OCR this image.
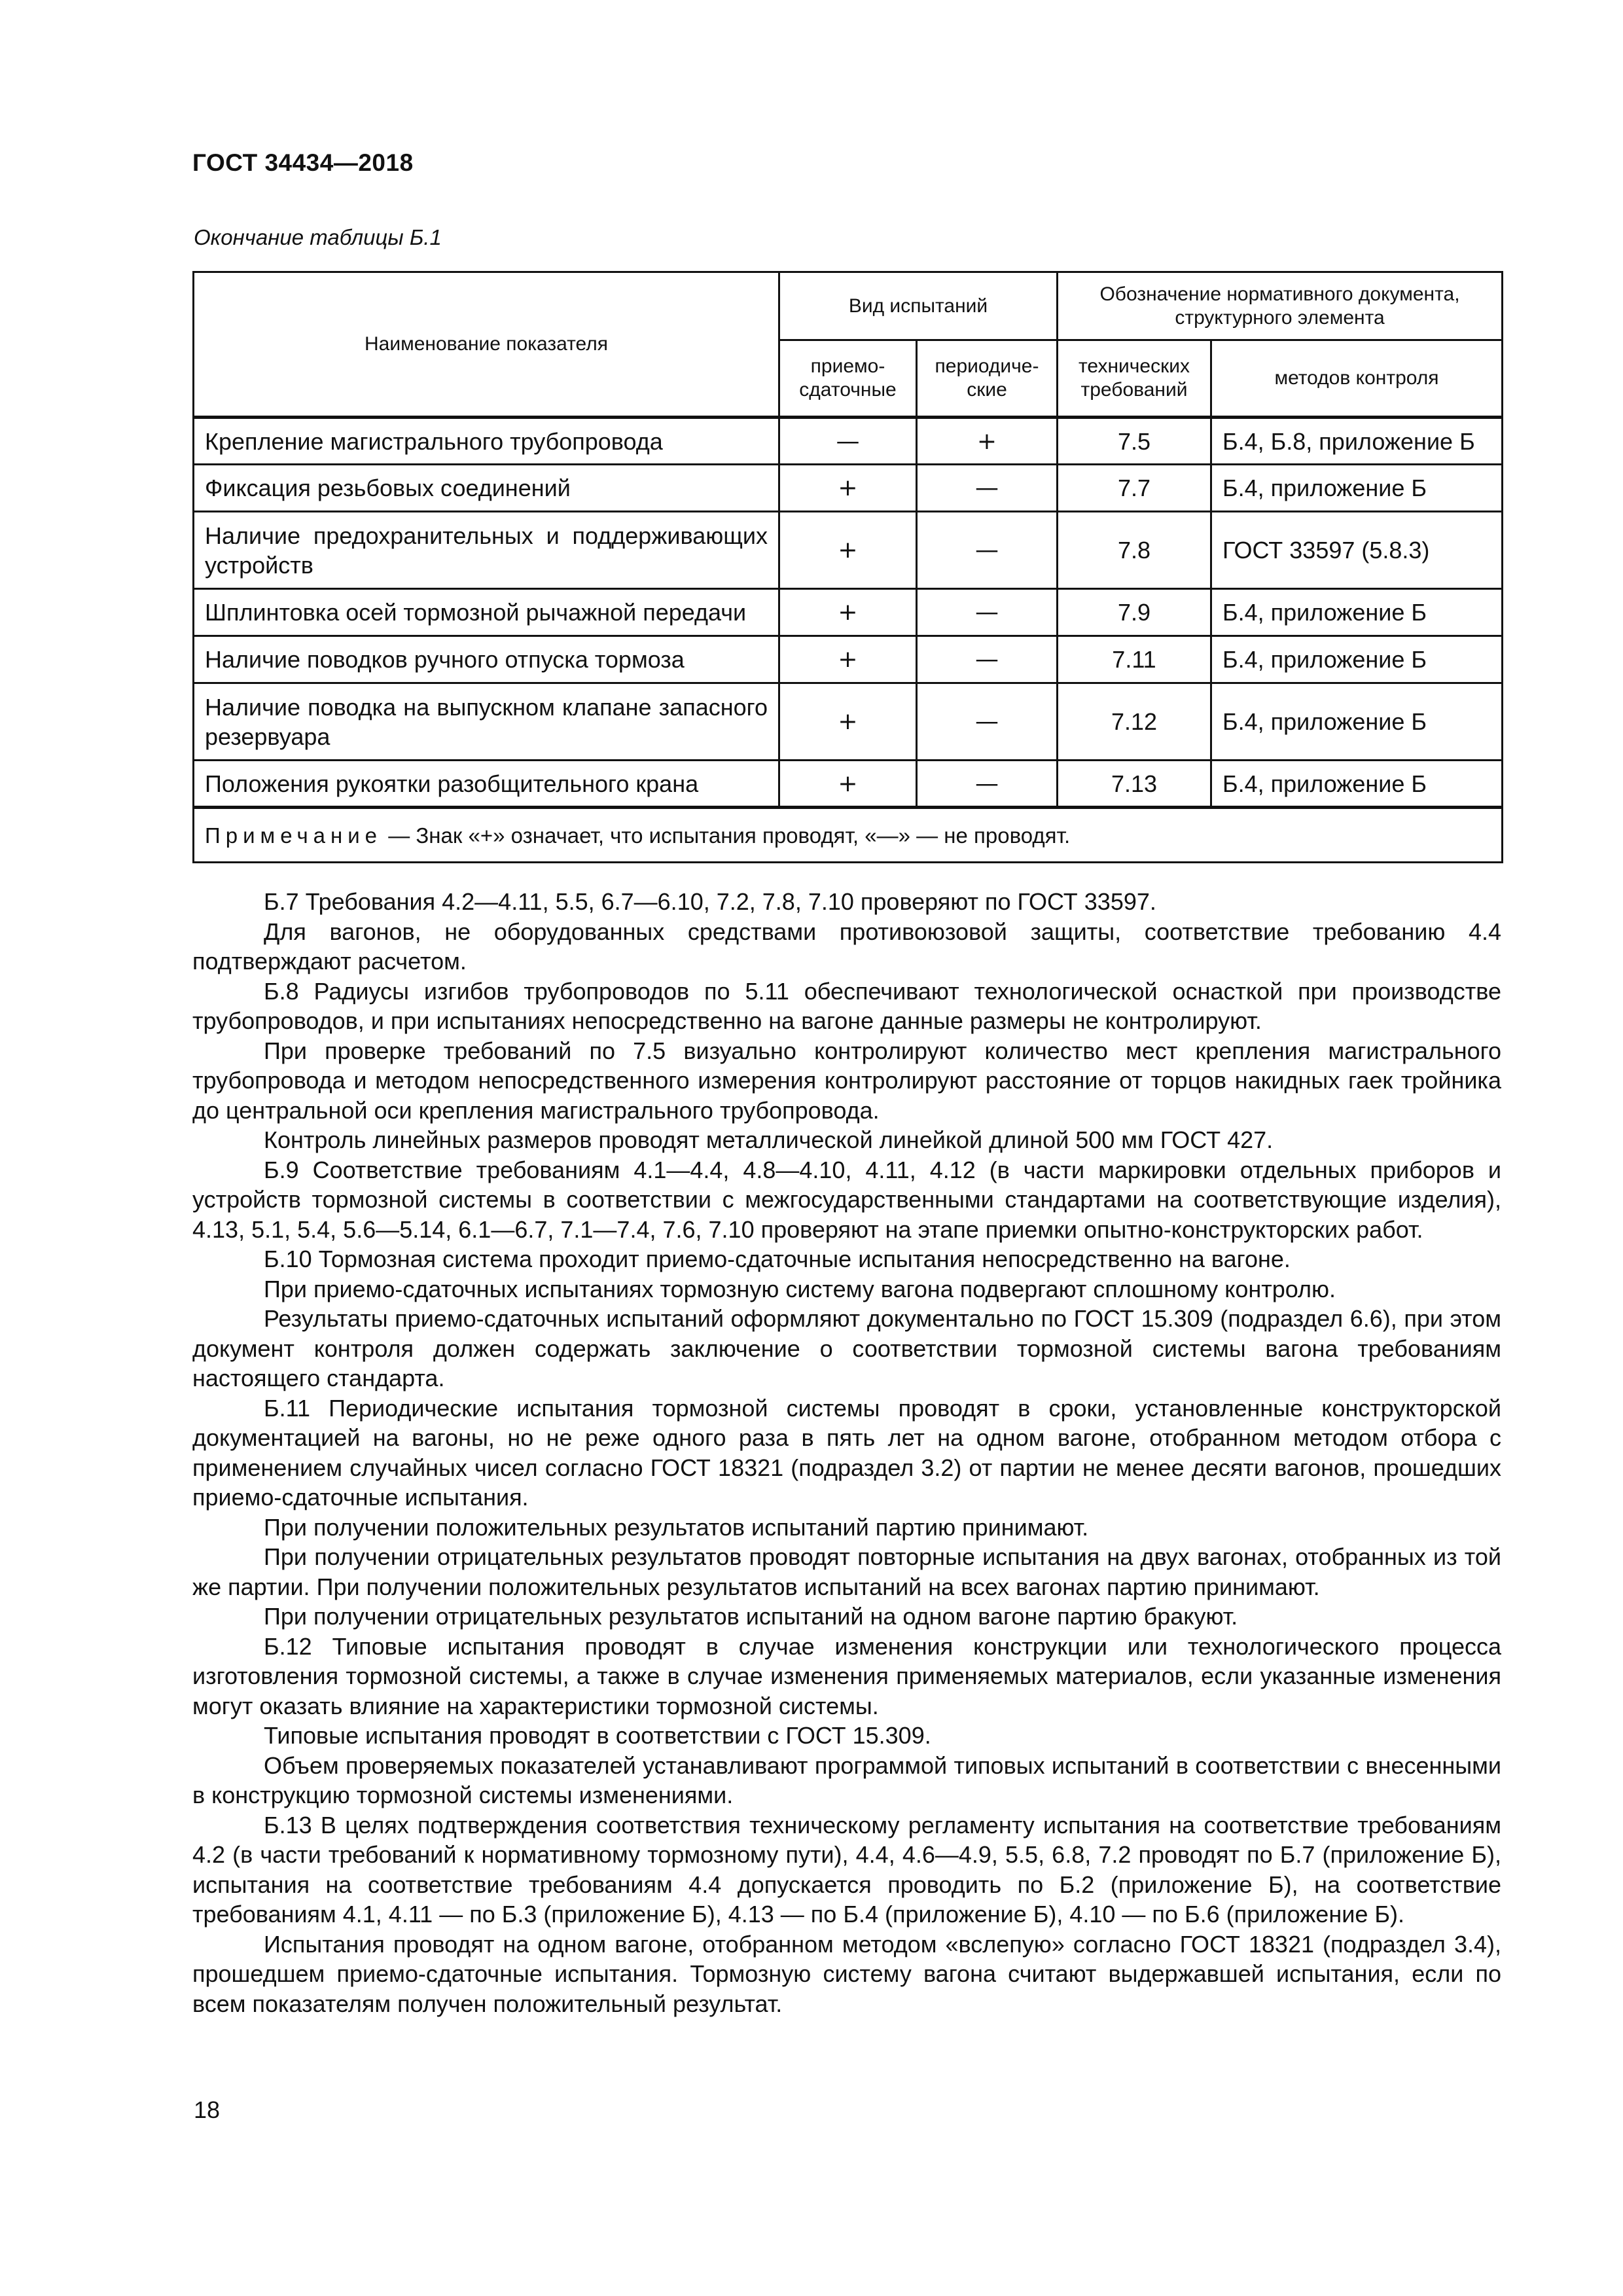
ГОСТ 34434—2018
Окончание таблицы Б.1
Наименование показателя	Вид испытаний		Обозначение нормативного документа, структурного элемента	
	приемо-сдаточные	периодиче-ские	технических требований	методов контроля
Крепление магистрального трубопровода	—	+	7.5	Б.4, Б.8, приложение Б
Фиксация резьбовых соединений	+	—	7.7	Б.4, приложение Б
Наличие предохранительных и поддерживающих устройств	+	—	7.8	ГОСТ 33597 (5.8.3)
Шплинтовка осей тормозной рычажной передачи	+	—	7.9	Б.4, приложение Б
Наличие поводков ручного отпуска тормоза	+	—	7.11	Б.4, приложение Б
Наличие поводка на выпускном клапане запасного резервуара	+	—	7.12	Б.4, приложение Б
Положения рукоятки разобщительного крана	+	—	7.13	Б.4, приложение Б
Примечание — Знак «+» означает, что испытания проводят, «—» — не проводят.				

Б.7 Требования 4.2—4.11, 5.5, 6.7—6.10, 7.2, 7.8, 7.10 проверяют по ГОСТ 33597.

Для вагонов, не оборудованных средствами противоюзовой защиты, соответствие требованию 4.4 подтверждают расчетом.

Б.8 Радиусы изгибов трубопроводов по 5.11 обеспечивают технологической оснасткой при производстве трубопроводов, и при испытаниях непосредственно на вагоне данные размеры не контролируют.

При проверке требований по 7.5 визуально контролируют количество мест крепления магистрального трубопровода и методом непосредственного измерения контролируют расстояние от торцов накидных гаек тройника до центральной оси крепления магистрального трубопровода.

Контроль линейных размеров проводят металлической линейкой длиной 500 мм ГОСТ 427.

Б.9 Соответствие требованиям 4.1—4.4, 4.8—4.10, 4.11, 4.12 (в части маркировки отдельных приборов и устройств тормозной системы в соответствии с межгосударственными стандартами на соответствующие изделия), 4.13, 5.1, 5.4, 5.6—5.14, 6.1—6.7, 7.1—7.4, 7.6, 7.10 проверяют на этапе приемки опытно-конструкторских работ.

Б.10 Тормозная система проходит приемо-сдаточные испытания непосредственно на вагоне.

При приемо-сдаточных испытаниях тормозную систему вагона подвергают сплошному контролю.

Результаты приемо-сдаточных испытаний оформляют документально по ГОСТ 15.309 (подраздел 6.6), при этом документ контроля должен содержать заключение о соответствии тормозной системы вагона требованиям настоящего стандарта.

Б.11 Периодические испытания тормозной системы проводят в сроки, установленные конструкторской документацией на вагоны, но не реже одного раза в пять лет на одном вагоне, отобранном методом отбора с применением случайных чисел согласно ГОСТ 18321 (подраздел 3.2) от партии не менее десяти вагонов, прошедших приемо-сдаточные испытания.

При получении положительных результатов испытаний партию принимают.

При получении отрицательных результатов проводят повторные испытания на двух вагонах, отобранных из той же партии. При получении положительных результатов испытаний на всех вагонах партию принимают.

При получении отрицательных результатов испытаний на одном вагоне партию бракуют.

Б.12 Типовые испытания проводят в случае изменения конструкции или технологического процесса изготовления тормозной системы, а также в случае изменения применяемых материалов, если указанные изменения могут оказать влияние на характеристики тормозной системы.

Типовые испытания проводят в соответствии с ГОСТ 15.309.

Объем проверяемых показателей устанавливают программой типовых испытаний в соответствии с внесенными в конструкцию тормозной системы изменениями.

Б.13 В целях подтверждения соответствия техническому регламенту испытания на соответствие требованиям 4.2 (в части требований к нормативному тормозному пути), 4.4, 4.6—4.9, 5.5, 6.8, 7.2 проводят по Б.7 (приложение Б), испытания на соответствие требованиям 4.4 допускается проводить по Б.2 (приложение Б), на соответствие требованиям 4.1, 4.11 — по Б.3 (приложение Б), 4.13 — по Б.4 (приложение Б), 4.10 — по Б.6 (приложение Б).

Испытания проводят на одном вагоне, отобранном методом «вслепую» согласно ГОСТ 18321 (подраздел 3.4), прошедшем приемо-сдаточные испытания. Тормозную систему вагона считают выдержавшей испытания, если по всем показателям получен положительный результат.

18
